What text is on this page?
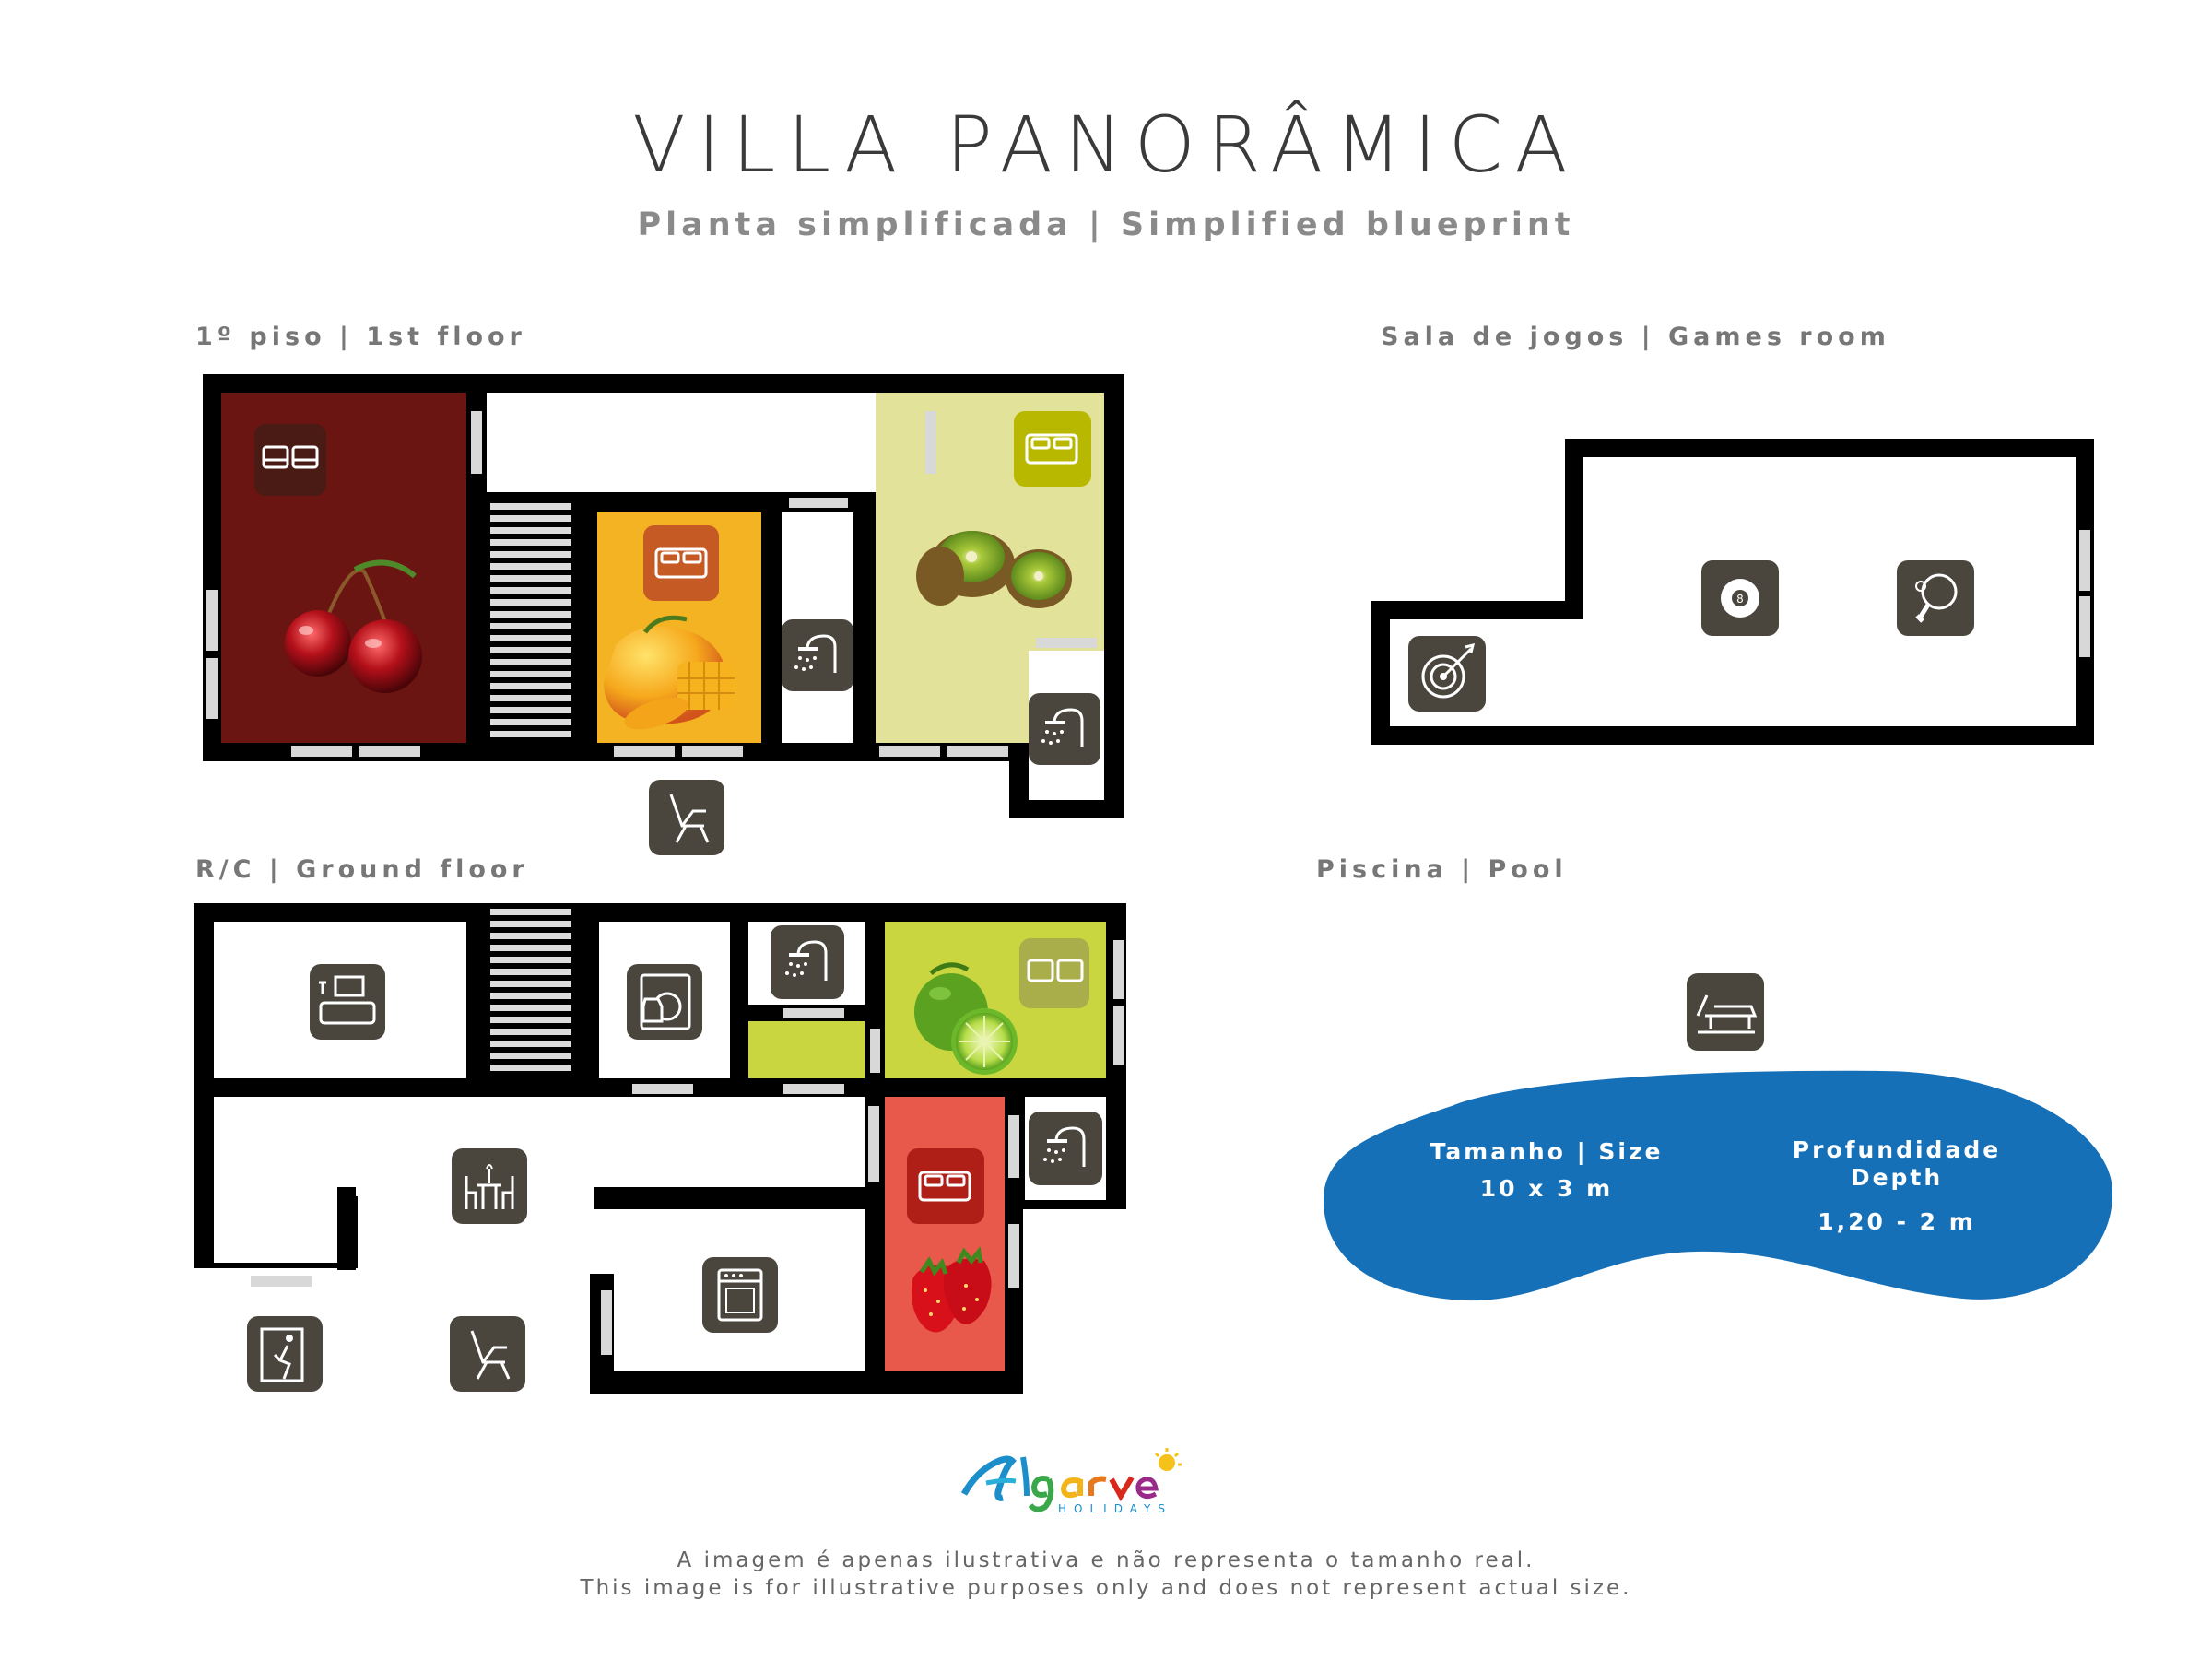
VILLA PANORÂMICA
Planta simplificada | Simplified blueprint
1º piso | 1st floor	Sala de jogos | Games room
R/C | Ground floor	Piscina | Pool
Tamanho | Size
10 x 3 m
Profundidade
Depth
1,20 - 2 m
8
HOLIDAYS
A imagem é apenas ilustrativa e não representa o tamanho real.
This image is for illustrative purposes only and does not represent actual size.
